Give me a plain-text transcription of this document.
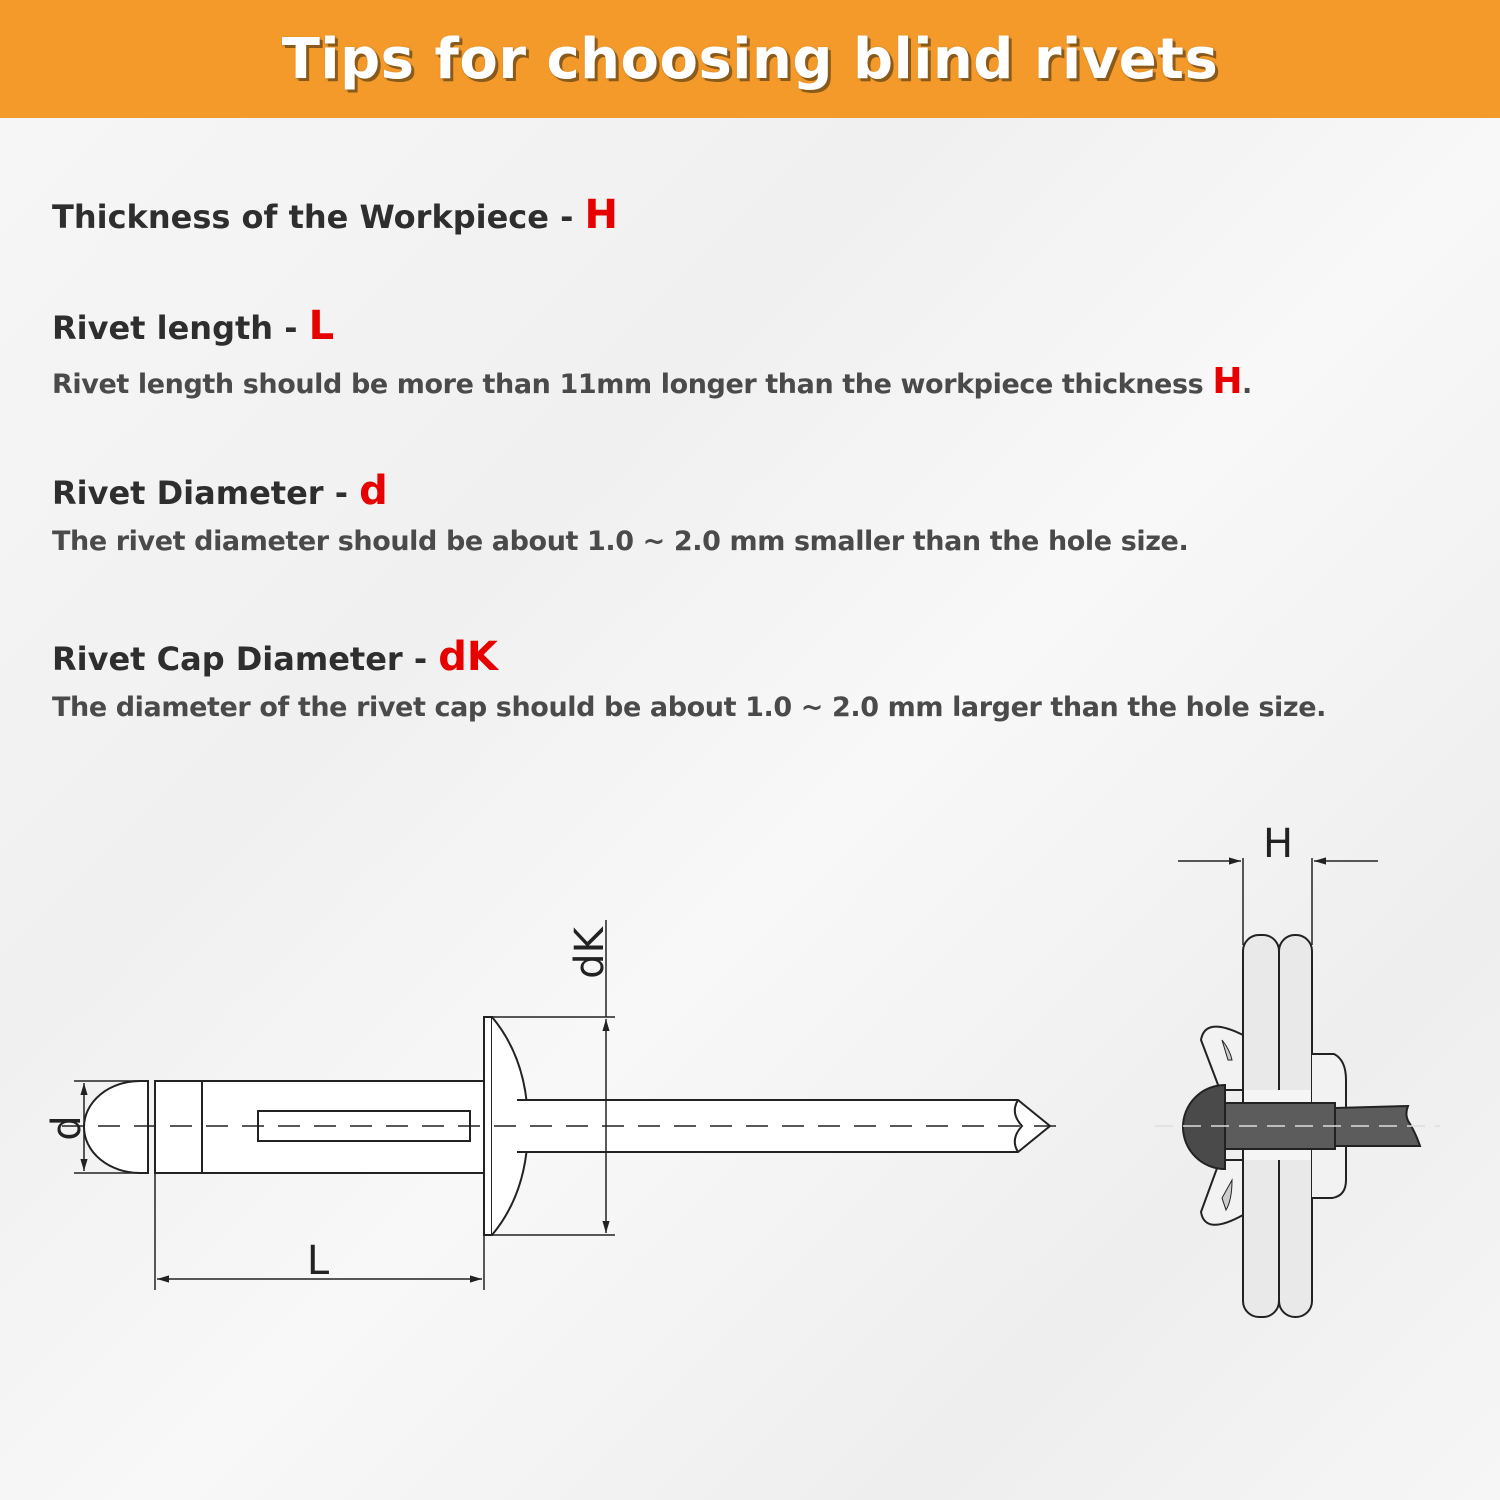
Tips for choosing blind rivets
Thickness of the Workpiece - H
Rivet length - L
Rivet length should be more than 11mm longer than the workpiece thickness H.
Rivet Diameter - d
The rivet diameter should be about 1.0 ~ 2.0 mm smaller than the hole size.
Rivet Cap Diameter - dK
The diameter of the rivet cap should be about 1.0 ~ 2.0 mm larger than the hole size.
d
L
dK
H
